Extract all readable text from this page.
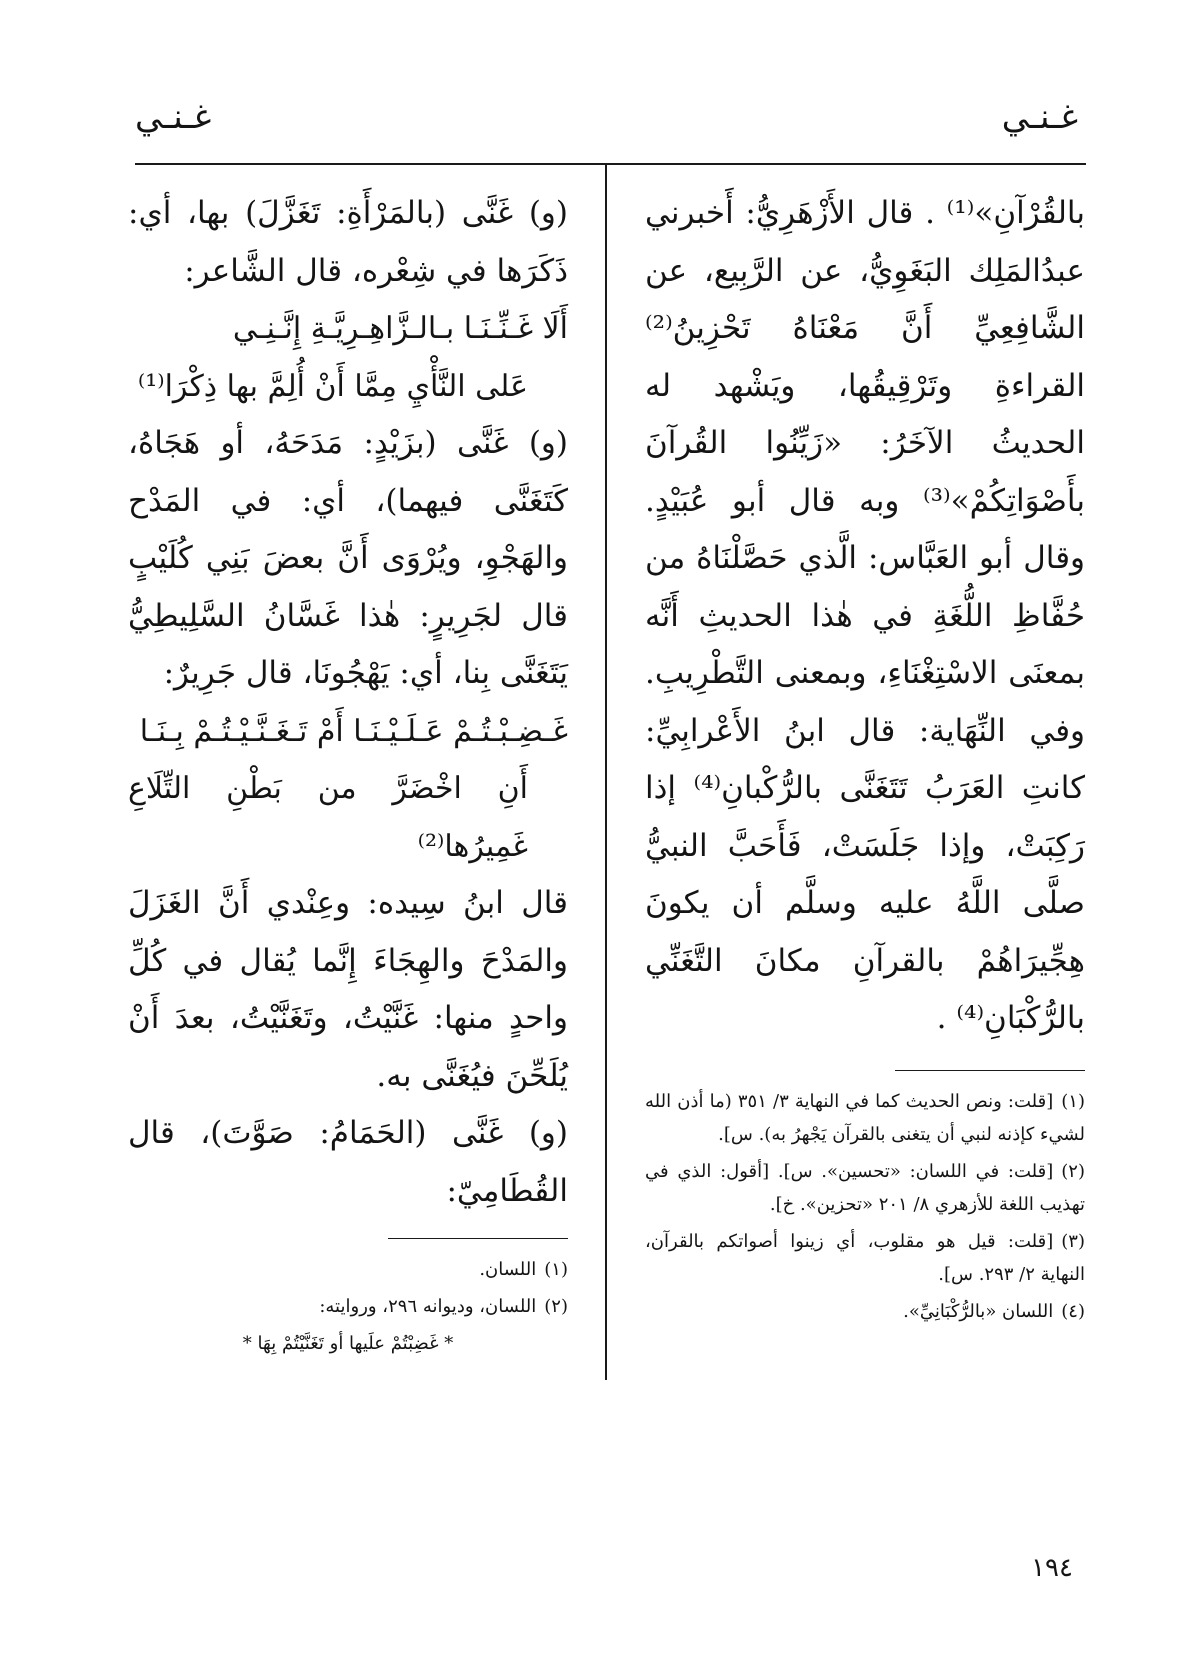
غـنـي
غـنـي

بالقُرْآنِ»⁽¹⁾ . قال الأَزْهَرِيُّ: أَخبرني عبدُالمَلِك البَغَوِيُّ، عن الرَّبِيع، عن الشَّافِعِيِّ أَنَّ مَعْنَاهُ تَحْزِينُ⁽²⁾ القراءةِ وتَرْقِيقُها، ويَشْهد له الحديثُ الآخَرُ: «زَيِّنُوا القُرآنَ بأَصْوَاتِكُمْ»⁽³⁾ وبه قال أبو عُبَيْدٍ. وقال أبو العَبَّاس: الَّذي حَصَّلْنَاهُ من حُفَّاظِ اللُّغَةِ في هٰذا الحديثِ أَنَّه بمعنَى الاسْتِغْنَاءِ، وبمعنى التَّطْرِيبِ. وفي النِّهَاية: قال ابنُ الأَعْرابِيِّ: كانتِ العَرَبُ تَتَغَنَّى بالرُّكْبانِ⁽⁴⁾ إذا رَكِبَتْ، وإذا جَلَسَتْ، فَأَحَبَّ النبيُّ صلَّى اللَّهُ عليه وسلَّم أن يكونَ هِجِّيرَاهُمْ بالقرآنِ مكانَ التَّغَنِّي بالرُّكْبَانِ⁽⁴⁾ .

(١)[قلت: ونص الحديث كما في النهاية ٣/ ٣٥١ (ما أذن الله لشيء كإذنه لنبي أن يتغنى بالقرآن يَجْهرُ به). س].

(٢)[قلت: في اللسان: «تحسين». س]. [أقول: الذي في تهذيب اللغة للأزهري ٨/ ٢٠١ «تحزين». خ].

(٣)[قلت: قيل هو مقلوب، أي زينوا أصواتكم بالقرآن، النهاية ٢/ ٢٩٣. س].

(٤)اللسان «بالرُّكْبَانِيِّ».

(و) غَنَّى (بالمَرْأَةِ: تَغَزَّلَ) بها، أي: ذَكَرَها في شِعْره، قال الشَّاعر:

أَلَا غَـنِّـنَـا بـالـزَّاهِـرِيَّـةِ إِنَّـنِـي

عَلى النَّأْيِ مِمَّا أَنْ أُلِمَّ بها ذِكْرَا⁽¹⁾

(و) غَنَّى (بزَيْدٍ: مَدَحَهُ، أو هَجَاهُ، كَتَغَنَّى فيهما)، أي: في المَدْح والهَجْوِ، ويُرْوَى أَنَّ بعضَ بَنِي كُلَيْبٍ قال لجَرِيرٍ: هٰذا غَسَّانُ السَّلِيطِيُّ يَتَغَنَّى بِنا، أي: يَهْجُونَا، قال جَرِيرٌ:

غَـضِـبْـتُـمْ عَـلَـيْـنَـا أَمْ تَـغَـنَّـيْـتُـمْ بِـنَـا

أَنِ اخْضَرَّ من بَطْنِ التِّلَاعِ غَمِيرُها⁽²⁾

قال ابنُ سِيده: وعِنْدي أَنَّ الغَزَلَ والمَدْحَ والهِجَاءَ إِنَّما يُقال في كُلِّ واحدٍ منها: غَنَّيْتُ، وتَغَنَّيْتُ، بعدَ أَنْ يُلَحِّنَ فيُغَنَّى به.

(و) غَنَّى (الحَمَامُ: صَوَّتَ)، قال القُطَامِيّ:

(١)اللسان.

(٢)اللسان، وديوانه ٢٩٦، وروايته:

* غَضِبْتُمْ علَيها أو تَغَنَّيْتُمْ بِهَا *

١٩٤
